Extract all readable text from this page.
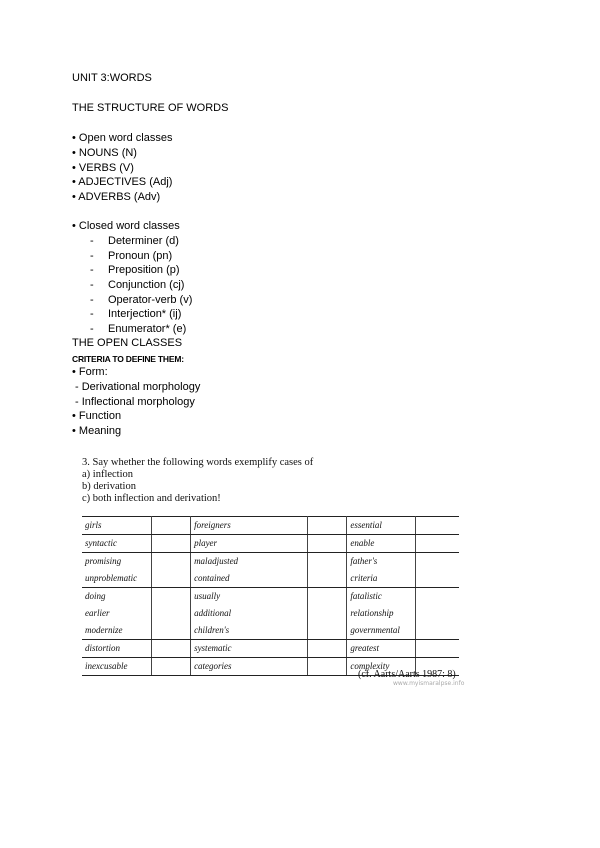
UNIT 3:WORDS
THE STRUCTURE OF WORDS
• Open word classes
• NOUNS (N)
• VERBS (V)
• ADJECTIVES (Adj)
• ADVERBS (Adv)
• Closed word classes
- Determiner (d)
- Pronoun (pn)
- Preposition (p)
- Conjunction (cj)
- Operator-verb (v)
- Interjection* (ij)
- Enumerator* (e)
THE OPEN CLASSES
CRITERIA TO DEFINE THEM:
• Form:
- Derivational morphology
- Inflectional morphology
• Function
• Meaning
3. Say whether the following words exemplify cases of
a) inflection
b) derivation
c) both inflection and derivation!
girls		foreigners		essential	
syntactic		player		enable	
promising		maladjusted		father's	
unproblematic		contained		criteria	
doing		usually		fatalistic	
earlier		additional		relationship	
modernize		children's		governmental	
distortion		systematic		greatest	
inexcusable		categories		complexity	
(cf. Aarts/Aarts 1987: 8)
www.myismaralpse.info
